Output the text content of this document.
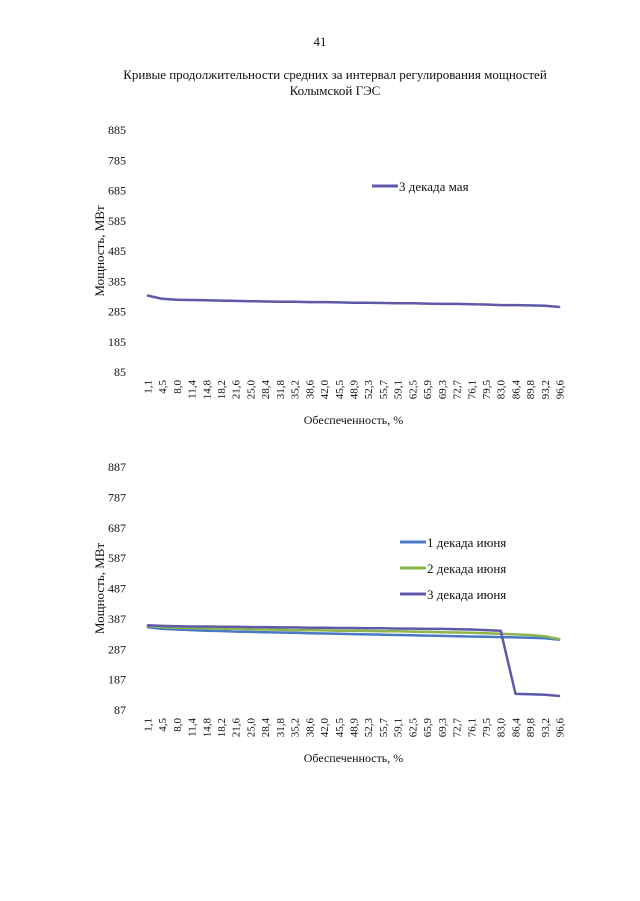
41
Кривые продолжительности средних за интервал регулирования мощностей Колымской ГЭС
85
185
285
385
485
585
685
785
885
1,1 4,5 8,0 11,4 14,8 18,2 21,6 25,0 28,4 31,8 35,2 38,6 42,0 45,5 48,9 52,3 55,7 59,1 62,5 65,9 69,3 72,7 76,1 79,5 83,0 86,4 89,8 93,2 96,6
Мощность, МВт
Обеспеченность, %
3 декада мая
87
187
287
387
487
587
687
787
887
1,1 4,5 8,0 11,4 14,8 18,2 21,6 25,0 28,4 31,8 35,2 38,6 42,0 45,5 48,9 52,3 55,7 59,1 62,5 65,9 69,3 72,7 76,1 79,5 83,0 86,4 89,8 93,2 96,6
Мощность, МВт
Обеспеченность, %
1 декада июня
2 декада июня
3 декада июня
